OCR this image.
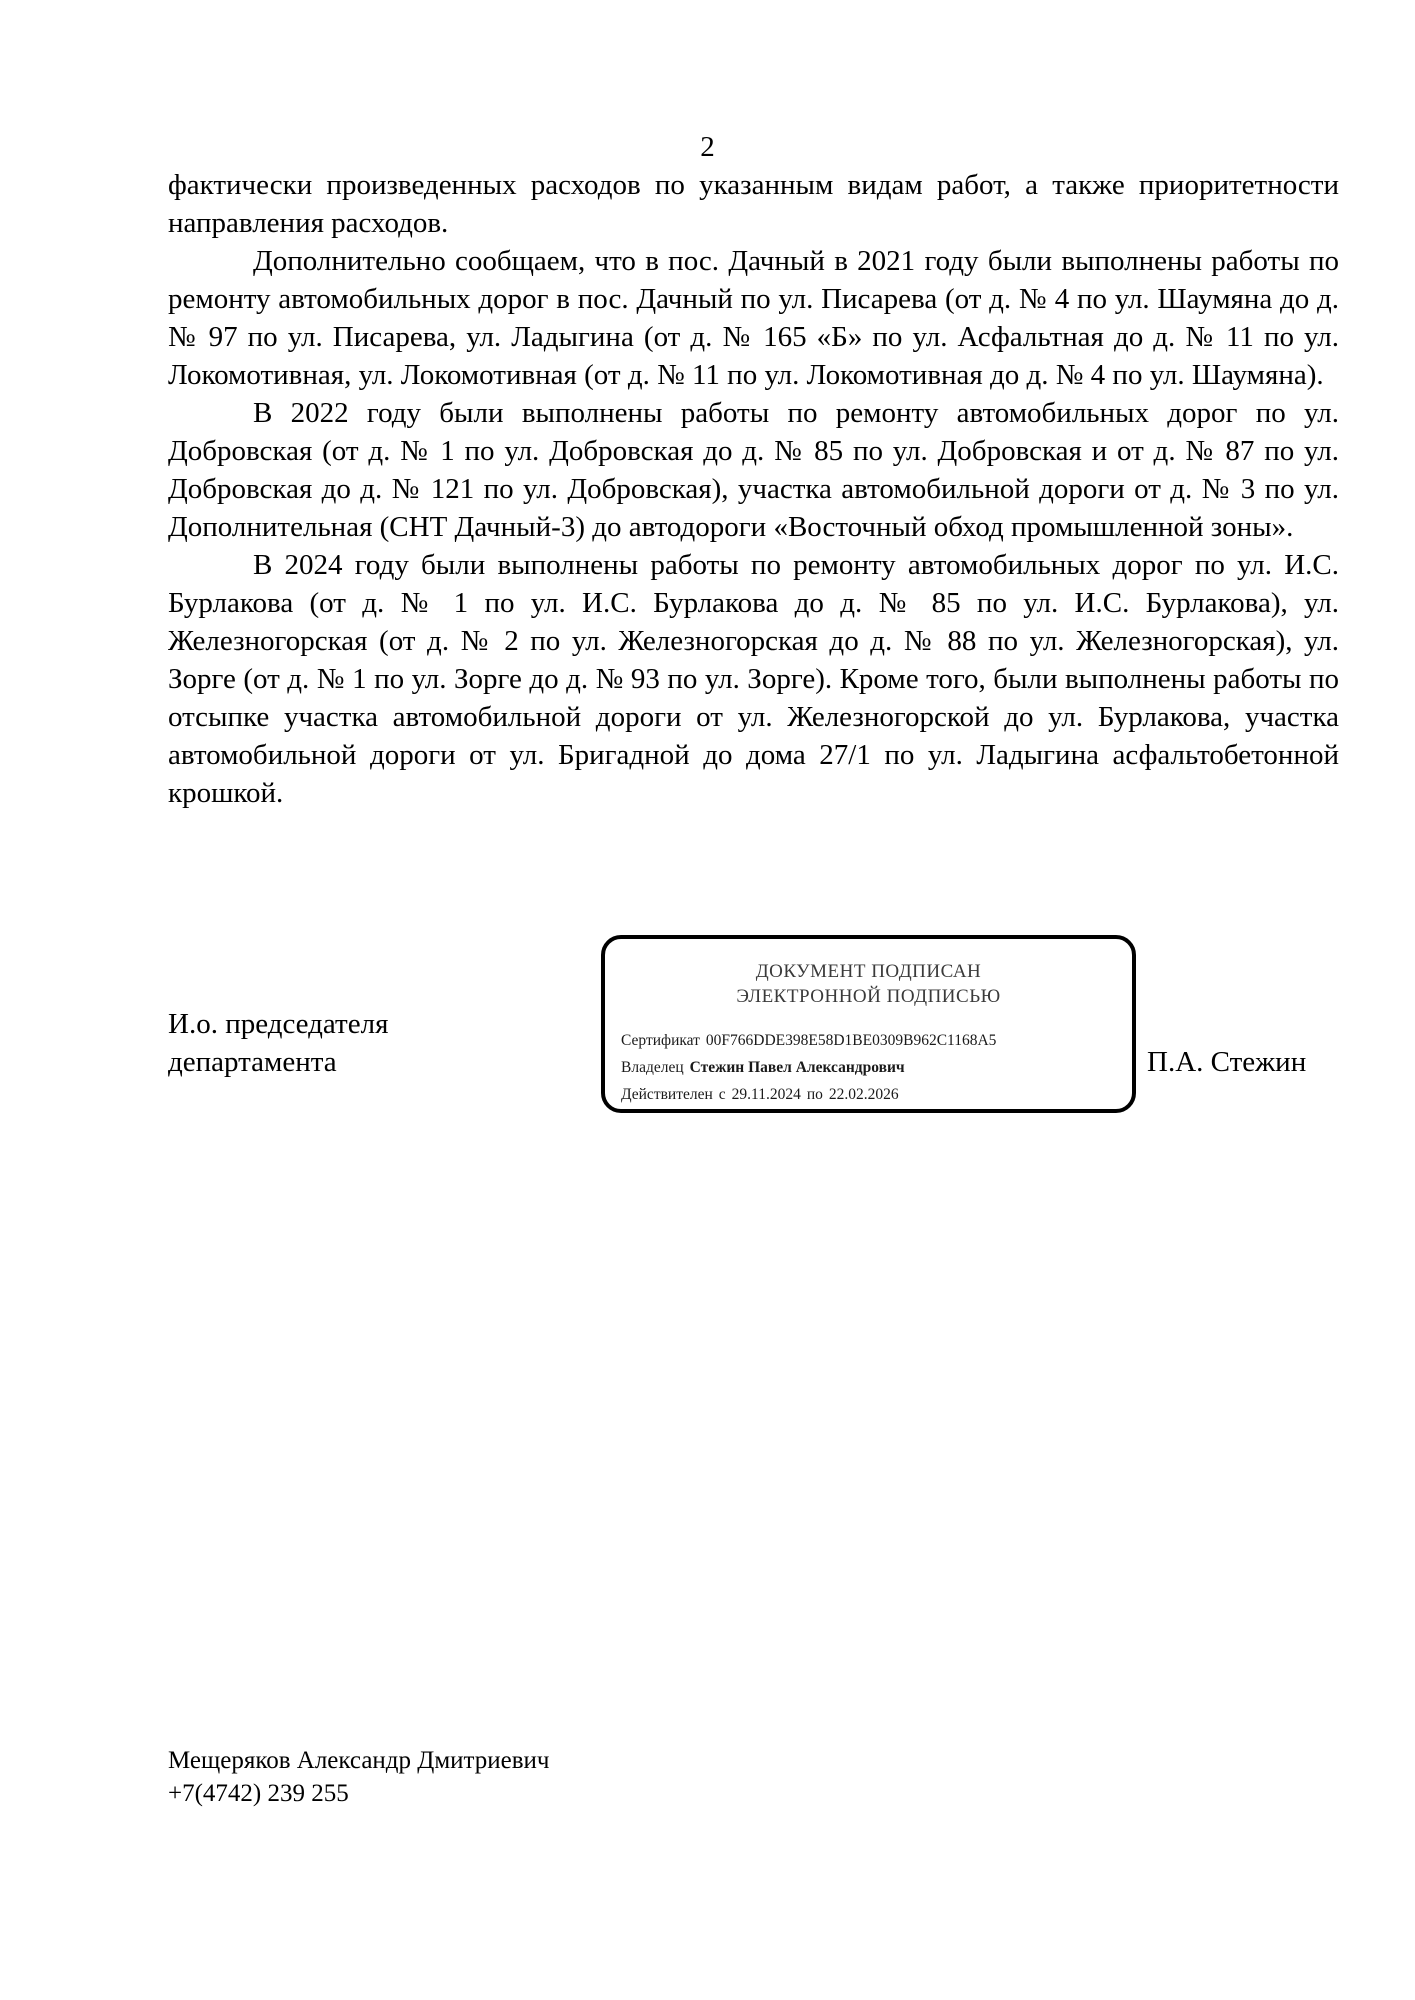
2

фактически произведенных расходов по указанным видам работ, а также приоритетности направления расходов.

Дополнительно сообщаем, что в пос. Дачный в 2021 году были выполнены работы по ремонту автомобильных дорог в пос. Дачный по ул. Писарева (от д. № 4 по ул. Шаумяна до д. № 97 по ул. Писарева, ул. Ладыгина (от д. № 165 «Б» по ул. Асфальтная до д. № 11 по ул. Локомотивная, ул. Локомотивная (от д. № 11 по ул. Локомотивная до д. № 4 по ул. Шаумяна).

В 2022 году были выполнены работы по ремонту автомобильных дорог по ул. Добровская (от д. № 1 по ул. Добровская до д. № 85 по ул. Добровская и от д. № 87 по ул. Добровская до д. № 121 по ул. Добровская), участка автомобильной дороги от д. № 3 по ул. Дополнительная (СНТ Дачный-3) до автодороги «Восточный обход промышленной зоны».

В 2024 году были выполнены работы по ремонту автомобильных дорог по ул. И.С. Бурлакова (от д. № 1 по ул. И.С. Бурлакова до д. № 85 по ул. И.С. Бурлакова), ул. Железногорская (от д. № 2 по ул. Железногорская до д. № 88 по ул. Железногорская), ул. Зорге (от д. № 1 по ул. Зорге до д. № 93 по ул. Зорге). Кроме того, были выполнены работы по отсыпке участка автомобильной дороги от ул. Железногорской до ул. Бурлакова, участка автомобильной дороги от ул. Бригадной до дома 27/1 по ул. Ладыгина асфальтобетонной крошкой.

И.о. председателя
департамента
ДОКУМЕНТ ПОДПИСАН
ЭЛЕКТРОННОЙ ПОДПИСЬЮ
Сертификат 00F766DDE398E58D1BE0309B962C1168A5
Владелец Стежин Павел Александрович
Действителен с 29.11.2024 по 22.02.2026
П.А. Стежин
Мещеряков Александр Дмитриевич
+7(4742) 239 255
